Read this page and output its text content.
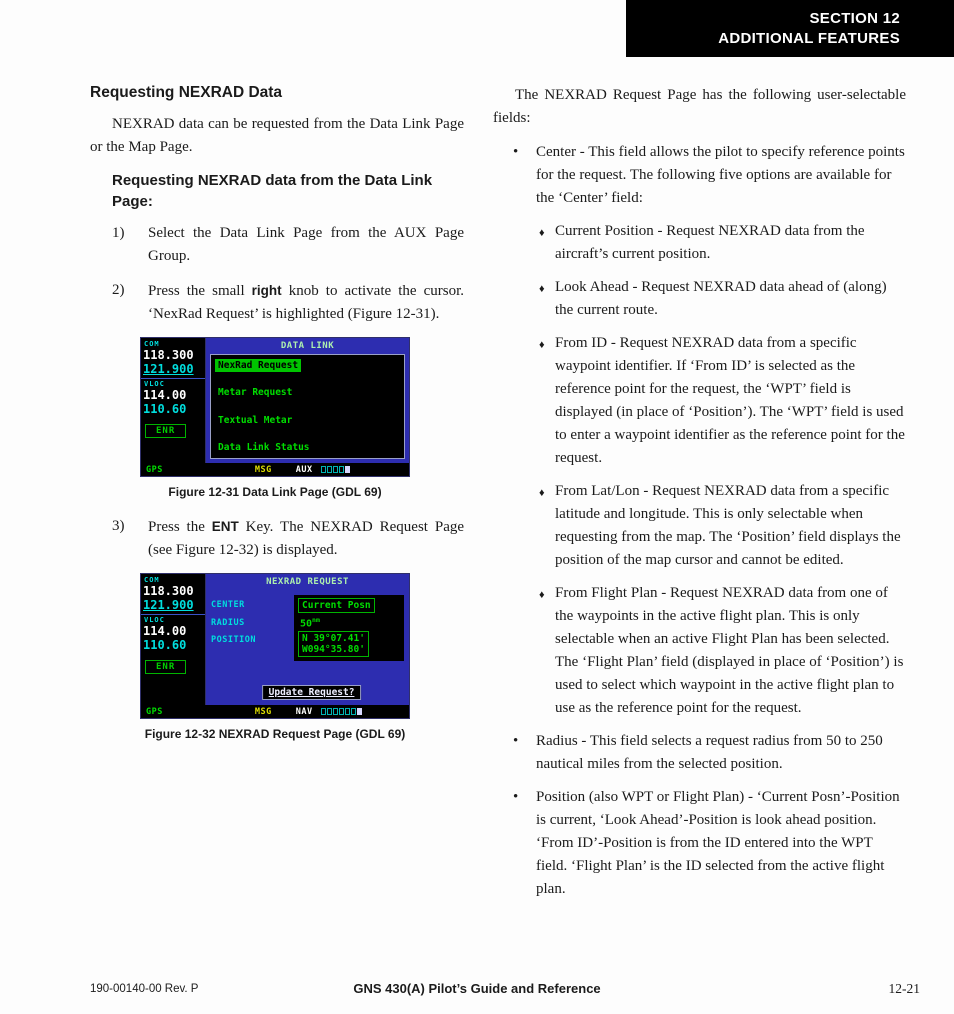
SECTION 12
ADDITIONAL FEATURES
Requesting NEXRAD Data

NEXRAD data can be requested from the Data Link Page or the Map Page.

Requesting NEXRAD data from the Data Link Page:
1)	Select the Data Link Page from the AUX Page Group.
2)	Press the small right knob to activate the cursor. ‘NexRad Request’ is highlighted (Figure 12-31).
COM
118.300
121.900
VLOC
114.00
110.60
ENR
DATA LINK
NexRad Request
Metar Request
Textual Metar
Data Link Status
GPS	MSG	AUX
Figure 12-31 Data Link Page (GDL 69)
3)	Press the ENT Key. The NEXRAD Request Page (see Figure 12-32) is displayed.
COM
118.300
121.900
VLOC
114.00
110.60
ENR
NEXRAD REQUEST
CENTER
RADIUS
POSITION
Current Posn
$50^{nm}$
N 39°07.41'
W094°35.80'
Update Request?
GPS	MSG	NAV
Figure 12-32 NEXRAD Request Page (GDL 69)

The NEXRAD Request Page has the following user-selectable fields:

•	Center - This field allows the pilot to specify reference points for the request. The following five options are available for the ‘Center’ field:
♦ Current Position - Request NEXRAD data from the aircraft’s current position.
♦ Look Ahead - Request NEXRAD data ahead of (along) the current route.
♦ From ID - Request NEXRAD data from a specific waypoint identifier. If ‘From ID’ is selected as the reference point for the request, the ‘WPT’ field is displayed (in place of ‘Position’). The ‘WPT’ field is used to enter a waypoint identifier as the reference point for the request.
♦ From Lat/Lon - Request NEXRAD data from a specific latitude and longitude. This is only selectable when requesting from the map. The ‘Position’ field displays the position of the map cursor and cannot be edited.
♦ From Flight Plan - Request NEXRAD data from one of the waypoints in the active flight plan. This is only selectable when an active Flight Plan has been selected. The ‘Flight Plan’ field (displayed in place of ‘Position’) is used to select which waypoint in the active flight plan to use as the reference point for the request.
•	Radius - This field selects a request radius from 50 to 250 nautical miles from the selected position.
•	Position (also WPT or Flight Plan) - ‘Current Posn’-Position is current, ‘Look Ahead’-Position is look ahead position. ‘From ID’-Position is from the ID entered into the WPT field. ‘Flight Plan’ is the ID selected from the active flight plan.
190-00140-00 Rev. P	GNS 430(A) Pilot’s Guide and Reference	12-21
